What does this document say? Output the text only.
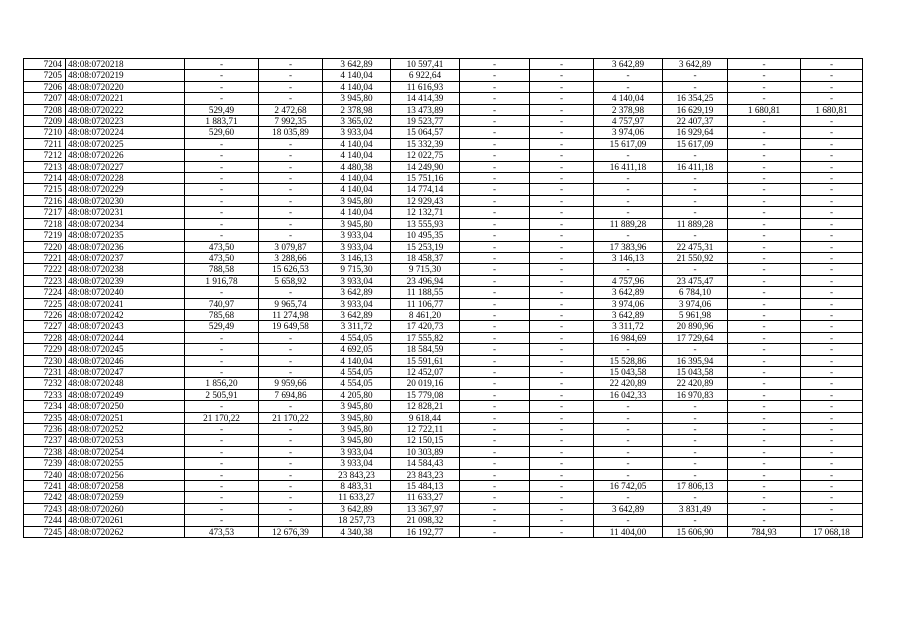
7204	48:08:0720218	-	-	3 642,89	10 597,41	-	-	3 642,89	3 642,89	-	-
7205	48:08:0720219	-	-	4 140,04	6 922,64	-	-	-	-	-	-
7206	48:08:0720220	-	-	4 140,04	11 616,93	-	-	-	-	-	-
7207	48:08:0720221	-	-	3 945,80	14 414,39	-	-	4 140,04	16 354,25	-	-
7208	48:08:0720222	529,49	2 472,68	2 378,98	13 473,89	-	-	2 378,98	16 629,19	1 680,81	1 680,81
7209	48:08:0720223	1 883,71	7 992,35	3 365,02	19 523,77	-	-	4 757,97	22 407,37	-	-
7210	48:08:0720224	529,60	18 035,89	3 933,04	15 064,57	-	-	3 974,06	16 929,64	-	-
7211	48:08:0720225	-	-	4 140,04	15 332,39	-	-	15 617,09	15 617,09	-	-
7212	48:08:0720226	-	-	4 140,04	12 022,75	-	-	-	-	-	-
7213	48:08:0720227	-	-	4 480,38	14 249,90	-	-	16 411,18	16 411,18	-	-
7214	48:08:0720228	-	-	4 140,04	15 751,16	-	-	-	-	-	-
7215	48:08:0720229	-	-	4 140,04	14 774,14	-	-	-	-	-	-
7216	48:08:0720230	-	-	3 945,80	12 929,43	-	-	-	-	-	-
7217	48:08:0720231	-	-	4 140,04	12 132,71	-	-	-	-	-	-
7218	48:08:0720234	-	-	3 945,80	13 555,93	-	-	11 889,28	11 889,28	-	-
7219	48:08:0720235	-	-	3 933,04	10 495,35	-	-	-	-	-	-
7220	48:08:0720236	473,50	3 079,87	3 933,04	15 253,19	-	-	17 383,96	22 475,31	-	-
7221	48:08:0720237	473,50	3 288,66	3 146,13	18 458,37	-	-	3 146,13	21 550,92	-	-
7222	48:08:0720238	788,58	15 626,53	9 715,30	9 715,30	-	-	-	-	-	-
7223	48:08:0720239	1 916,78	5 658,92	3 933,04	23 496,94	-	-	4 757,96	23 475,47	-	-
7224	48:08:0720240	-	-	3 642,89	11 188,55	-	-	3 642,89	6 784,10	-	-
7225	48:08:0720241	740,97	9 965,74	3 933,04	11 106,77	-	-	3 974,06	3 974,06	-	-
7226	48:08:0720242	785,68	11 274,98	3 642,89	8 461,20	-	-	3 642,89	5 961,98	-	-
7227	48:08:0720243	529,49	19 649,58	3 311,72	17 420,73	-	-	3 311,72	20 890,96	-	-
7228	48:08:0720244	-	-	4 554,05	17 555,82	-	-	16 984,69	17 729,64	-	-
7229	48:08:0720245	-	-	4 692,05	18 584,59	-	-	-	-	-	-
7230	48:08:0720246	-	-	4 140,04	15 591,61	-	-	15 528,86	16 395,94	-	-
7231	48:08:0720247	-	-	4 554,05	12 452,07	-	-	15 043,58	15 043,58	-	-
7232	48:08:0720248	1 856,20	9 959,66	4 554,05	20 019,16	-	-	22 420,89	22 420,89	-	-
7233	48:08:0720249	2 505,91	7 694,86	4 205,80	15 779,08	-	-	16 042,33	16 970,83	-	-
7234	48:08:0720250	-	-	3 945,80	12 828,21	-	-	-	-	-	-
7235	48:08:0720251	21 170,22	21 170,22	3 945,80	9 618,44	-	-	-	-	-	-
7236	48:08:0720252	-	-	3 945,80	12 722,11	-	-	-	-	-	-
7237	48:08:0720253	-	-	3 945,80	12 150,15	-	-	-	-	-	-
7238	48:08:0720254	-	-	3 933,04	10 303,89	-	-	-	-	-	-
7239	48:08:0720255	-	-	3 933,04	14 584,43	-	-	-	-	-	-
7240	48:08:0720256	-	-	23 843,23	23 843,23	-	-	-	-	-	-
7241	48:08:0720258	-	-	8 483,31	15 484,13	-	-	16 742,05	17 806,13	-	-
7242	48:08:0720259	-	-	11 633,27	11 633,27	-	-	-	-	-	-
7243	48:08:0720260	-	-	3 642,89	13 367,97	-	-	3 642,89	3 831,49	-	-
7244	48:08:0720261	-	-	18 257,73	21 098,32	-	-	-	-	-	-
7245	48:08:0720262	473,53	12 676,39	4 340,38	16 192,77	-	-	11 404,00	15 606,90	784,93	17 068,18
